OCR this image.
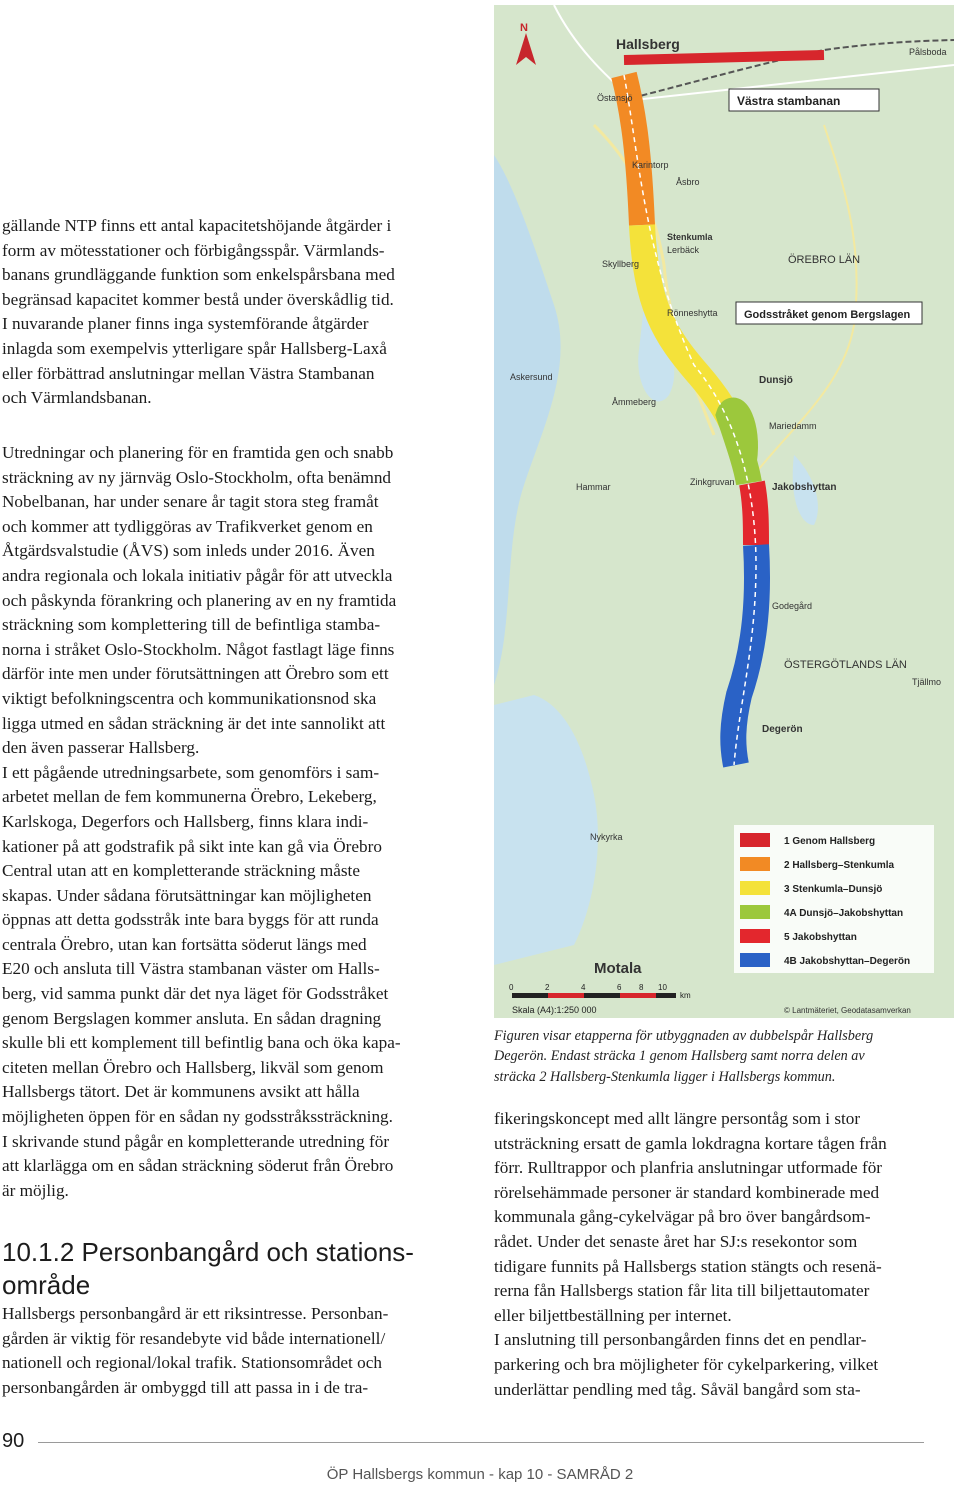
gällande NTP finns ett antal kapacitetshöjande åtgärder i
form av mötesstationer och förbigångsspår. Värmlands-
banans grundläggande funktion som enkelspårsbana med
begränsad kapacitet kommer bestå under överskådlig tid.
I nuvarande planer finns inga systemförande åtgärder
inlagda som exempelvis ytterligare spår Hallsberg-Laxå
eller förbättrad anslutningar mellan Västra Stambanan
och Värmlandsbanan.
Utredningar och planering för en framtida gen och snabb
sträckning av ny järnväg Oslo-Stockholm, ofta benämnd
Nobelbanan, har under senare år tagit stora steg framåt
och kommer att tydliggöras av Trafikverket genom en
Åtgärdsvalstudie (ÅVS) som inleds under 2016. Även
andra regionala och lokala initiativ pågår för att utveckla
och påskynda förankring och planering av en ny framtida
sträckning som komplettering till de befintliga stamba-
norna i stråket Oslo-Stockholm. Något fastlagt läge finns
därför inte men under förutsättningen att Örebro som ett
viktigt befolkningscentra och kommunikationsnod ska
ligga utmed en sådan sträckning är det inte sannolikt att
den även passerar Hallsberg.
I ett pågående utredningsarbete, som genomförs i sam-
arbetet mellan de fem kommunerna Örebro, Lekeberg,
Karlskoga, Degerfors och Hallsberg, finns klara indi-
kationer på att godstrafik på sikt inte kan gå via Örebro
Central utan att en kompletterande sträckning måste
skapas. Under sådana förutsättningar kan möjligheten
öppnas att detta godsstråk inte bara byggs för att runda
centrala Örebro, utan kan fortsätta söderut längs med
E20 och ansluta till Västra stambanan väster om Halls-
berg, vid samma punkt där det nya läget för Godsstråket
genom Bergslagen kommer ansluta. En sådan dragning
skulle bli ett komplement till befintlig bana och öka kapa-
citeten mellan Örebro och Hallsberg, likväl som genom
Hallsbergs tätort. Det är kommunens avsikt att hålla
möjligheten öppen för en sådan ny godsstråkssträckning.
I skrivande stund pågår en kompletterande utredning för
att klarlägga om en sådan sträckning söderut från Örebro
är möjlig.
10.1.2 Personbangård och stations-
område
Hallsbergs personbangård är ett riksintresse. Personban-
gården är viktig för resandebyte vid både internationell/
nationell och regional/lokal trafik. Stationsområdet och
personbangården är ombyggd till att passa in i de tra-
N
Hallsberg	Pålsboda
Västra stambanan
Östansjö
Karintorp
Åsbro
Stenkumla
Lerbäck
Skyllberg	ÖREBRO LÄN
Rönneshytta Godsstråket genom Bergslagen
Askersund	Dunsjö
Åmmeberg
Mariedamm
Hammar	Zinkgruvan	Jakobshyttan
Godegård
ÖSTERGÖTLANDS LÄN
Tjällmo
Degerön
Nykyrka
Motala
1 Genom Hallsberg
2 Hallsberg–Stenkumla
3 Stenkumla–Dunsjö
4A Dunsjö–Jakobshyttan
5 Jakobshyttan
4B Jakobshyttan–Degerön
0	2	4	6 8 10
km
Skala (A4):1:250 000	© Lantmäteriet, Geodatasamverkan
Figuren visar etapperna för utbyggnaden av dubbelspår Hallsberg
Degerön. Endast sträcka 1 genom Hallsberg samt norra delen av
sträcka 2 Hallsberg-Stenkumla ligger i Hallsbergs kommun.
fikeringskoncept med allt längre persontåg som i stor
utsträckning ersatt de gamla lokdragna kortare tågen från
förr. Rulltrappor och planfria anslutningar utformade för
rörelsehämmade personer är standard kombinerade med
kommunala gång-cykelvägar på bro över bangårdsom-
rådet. Under det senaste året har SJ:s resekontor som
tidigare funnits på Hallsbergs station stängts och resenä-
rerna fån Hallsbergs station får lita till biljettautomater
eller biljettbeställning per internet.
I anslutning till personbangården finns det en pendlar-
parkering och bra möjligheter för cykelparkering, vilket
underlättar pendling med tåg. Såväl bangård som sta-
90
ÖP Hallsbergs kommun - kap 10 - SAMRÅD 2
